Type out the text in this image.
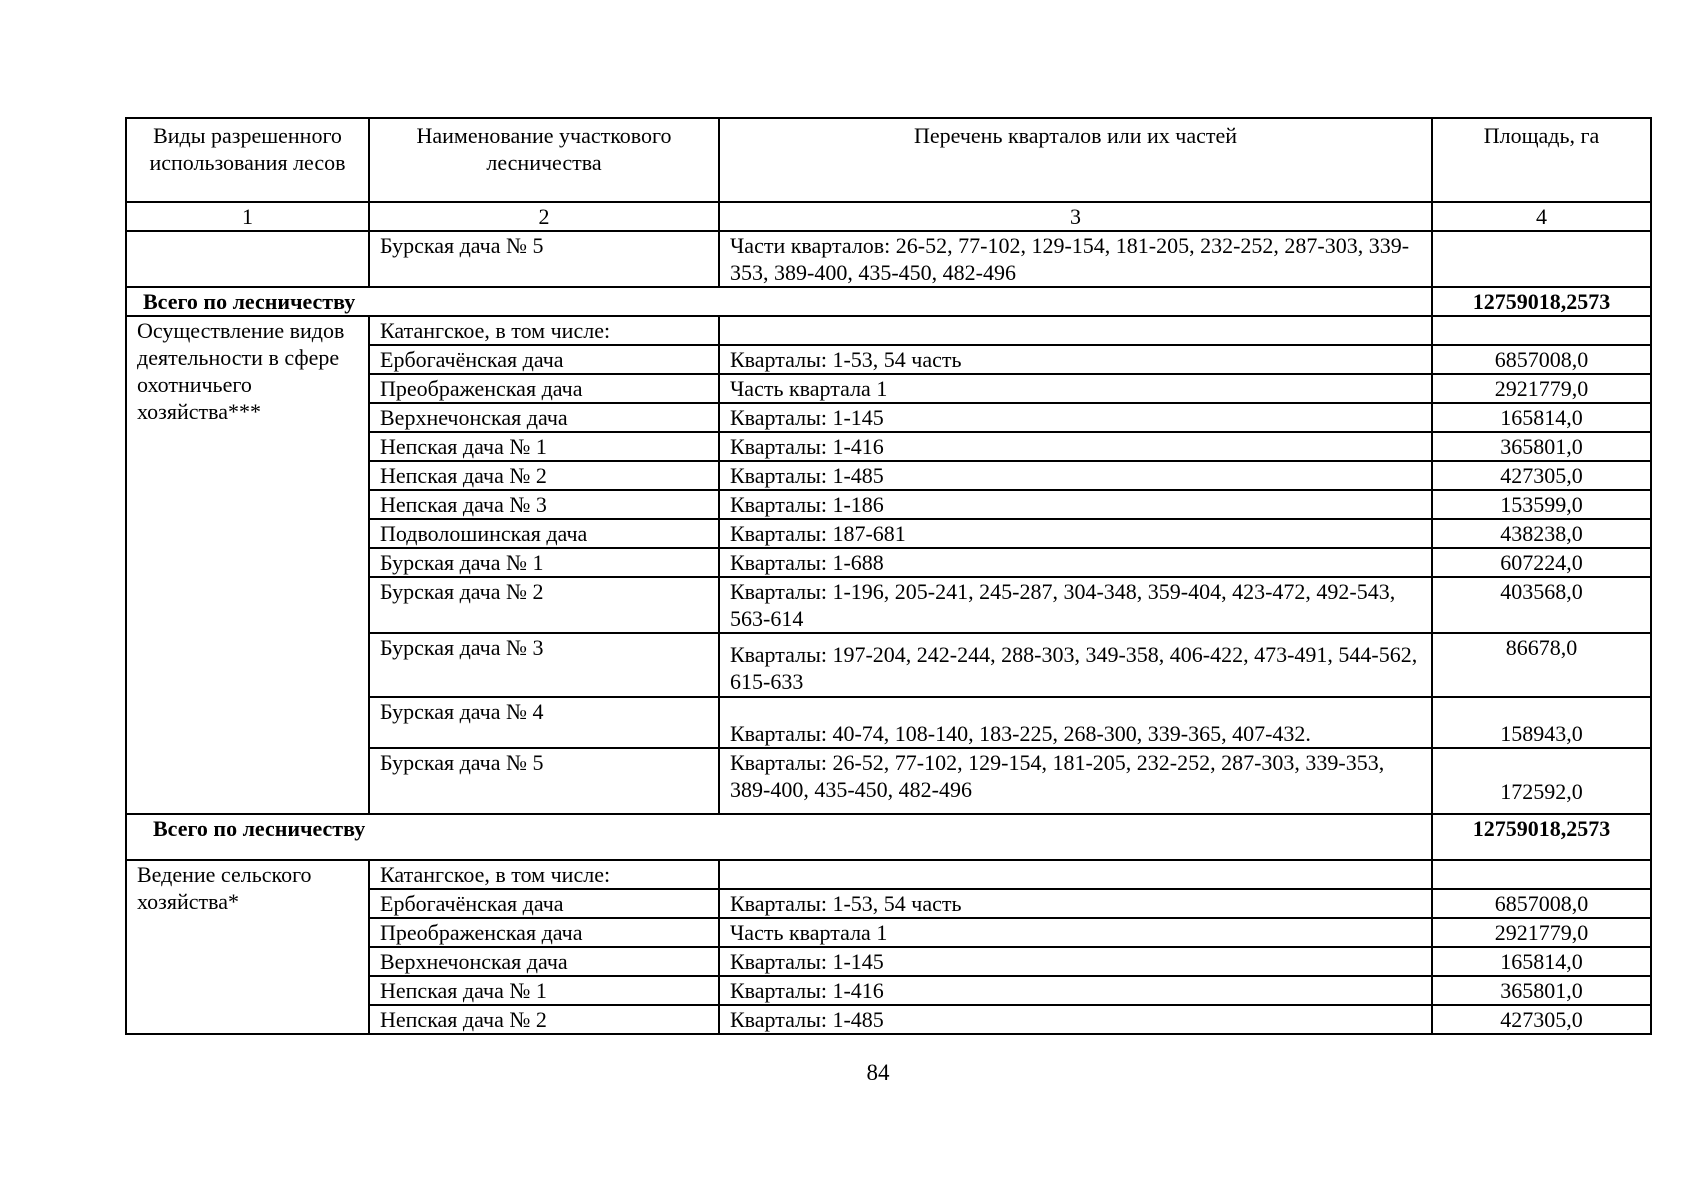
Виды разрешенного использования лесов	Наименование участкового лесничества	Перечень кварталов или их частей	Площадь, га
1	2	3	4
	Бурская дача № 5	Части кварталов: 26-52, 77-102, 129-154, 181-205, 232-252, 287-303, 339-353, 389-400, 435-450, 482-496	
Всего по лесничеству			12759018,2573
Осуществление видов деятельности в сфере охотничьего хозяйства***	Катангское, в том числе:		
	Ербогачёнская дача	Кварталы: 1-53, 54 часть	6857008,0
	Преображенская дача	Часть квартала 1	2921779,0
	Верхнечонская дача	Кварталы: 1-145	165814,0
	Непская дача № 1	Кварталы: 1-416	365801,0
	Непская дача № 2	Кварталы: 1-485	427305,0
	Непская дача № 3	Кварталы: 1-186	153599,0
	Подволошинская дача	Кварталы: 187-681	438238,0
	Бурская дача № 1	Кварталы: 1-688	607224,0
	Бурская дача № 2	Кварталы: 1-196, 205-241, 245-287, 304-348, 359-404, 423-472, 492-543, 563-614	403568,0
	Бурская дача № 3	Кварталы: 197-204, 242-244, 288-303, 349-358, 406-422, 473-491, 544-562, 615-633	86678,0
	Бурская дача № 4	Кварталы: 40-74, 108-140, 183-225, 268-300, 339-365, 407-432.	158943,0
	Бурская дача № 5	Кварталы: 26-52, 77-102, 129-154, 181-205, 232-252, 287-303, 339-353, 389-400, 435-450, 482-496	172592,0
Всего по лесничеству			12759018,2573
Ведение сельского хозяйства*	Катангское, в том числе:		
	Ербогачёнская дача	Кварталы: 1-53, 54 часть	6857008,0
	Преображенская дача	Часть квартала 1	2921779,0
	Верхнечонская дача	Кварталы: 1-145	165814,0
	Непская дача № 1	Кварталы: 1-416	365801,0
	Непская дача № 2	Кварталы: 1-485	427305,0
84
